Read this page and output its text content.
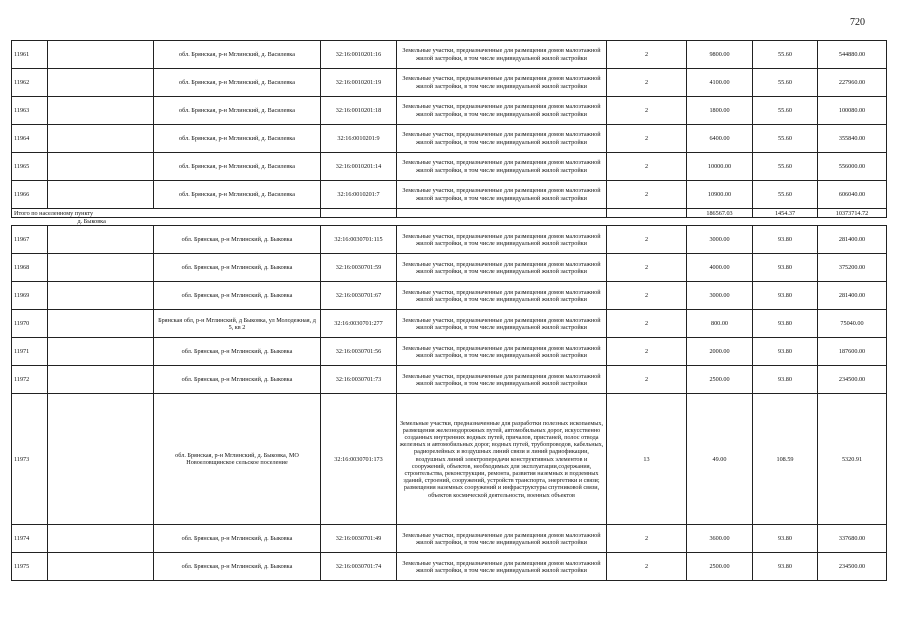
720
11961		обл. Брянская, р-н Мглинский, д. Василевка	32:16:0010201:16	Земельные участки, предназначенные для размещения домов малоэтажной жилой застройки, в том числе индивидуальной жилой застройки	2	9800.00	55.60	544880.00
11962		обл. Брянская, р-н Мглинский, д. Василевка	32:16:0010201:19	Земельные участки, предназначенные для размещения домов малоэтажной жилой застройки, в том числе индивидуальной жилой застройки	2	4100.00	55.60	227960.00
11963		обл. Брянская, р-н Мглинский, д. Василевка	32:16:0010201:18	Земельные участки, предназначенные для размещения домов малоэтажной жилой застройки, в том числе индивидуальной жилой застройки	2	1800.00	55.60	100080.00
11964		обл. Брянская, р-н Мглинский, д. Василевка	32:16:0010201:9	Земельные участки, предназначенные для размещения домов малоэтажной жилой застройки, в том числе индивидуальной жилой застройки	2	6400.00	55.60	355840.00
11965		обл. Брянская, р-н Мглинский, д. Василевка	32:16:0010201:14	Земельные участки, предназначенные для размещения домов малоэтажной жилой застройки, в том числе индивидуальной жилой застройки	2	10000.00	55.60	556000.00
11966		обл. Брянская, р-н Мглинский, д. Василевка	32:16:0010201:7	Земельные участки, предназначенные для размещения домов малоэтажной жилой застройки, в том числе индивидуальной жилой застройки	2	10900.00	55.60	606040.00
Итого по населенному пункту						186567.03	1454.37	10373714.72
д. Быковка								
11967		обл. Брянская, р-н Мглинский, д. Быковка	32:16:0030701:115	Земельные участки, предназначенные для размещения домов малоэтажной жилой застройки, в том числе индивидуальной жилой застройки	2	3000.00	93.80	281400.00
11968		обл. Брянская, р-н Мглинский, д. Быковка	32:16:0030701:59	Земельные участки, предназначенные для размещения домов малоэтажной жилой застройки, в том числе индивидуальной жилой застройки	2	4000.00	93.80	375200.00
11969		обл. Брянская, р-н Мглинский, д. Быковка	32:16:0030701:67	Земельные участки, предназначенные для размещения домов малоэтажной жилой застройки, в том числе индивидуальной жилой застройки	2	3000.00	93.80	281400.00
11970		Брянская обл, р-н Мглинский, д Быковка, ул Молодежная, д 5, кв 2	32:16:0030701:277	Земельные участки, предназначенные для размещения домов малоэтажной жилой застройки, в том числе индивидуальной жилой застройки	2	800.00	93.80	75040.00
11971		обл. Брянская, р-н Мглинский, д. Быковка	32:16:0030701:56	Земельные участки, предназначенные для размещения домов малоэтажной жилой застройки, в том числе индивидуальной жилой застройки	2	2000.00	93.80	187600.00
11972		обл. Брянская, р-н Мглинский, д. Быковка	32:16:0030701:73	Земельные участки, предназначенные для размещения домов малоэтажной жилой застройки, в том числе индивидуальной жилой застройки	2	2500.00	93.80	234500.00
11973		обл. Брянская, р-н Мглинский, д. Быковка, МО Новоеловщинское сельское поселение	32:16:0030701:173	Земельные участки, предназначенные для разработки полезных ископаемых, размещения железнодорожных путей, автомобильных дорог, искусственно созданных внутренних водных путей, причалов, пристаней, полос отвода железных и автомобильных дорог, водных путей, трубопроводов, кабельных, радиорелейных и воздушных линий связи и линий радиофикации, воздушных линий электропередачи конструктивных элементов и сооружений, объектов, необходимых для эксплуатации,содержания, строительства, реконструкции, ремонта, развития наземных и подземных зданий, строений, сооружений, устройств транспорта, энергетики и связи; размещения наземных сооружений и инфраструктуры спутниковой связи, объектов космической деятельности, военных объектов	13	49.00	108.59	5320.91
11974		обл. Брянская, р-н Мглинский, д. Быковка	32:16:0030701:49	Земельные участки, предназначенные для размещения домов малоэтажной жилой застройки, в том числе индивидуальной жилой застройки	2	3600.00	93.80	337680.00
11975		обл. Брянская, р-н Мглинский, д. Быковка	32:16:0030701:74	Земельные участки, предназначенные для размещения домов малоэтажной жилой застройки, в том числе индивидуальной жилой застройки	2	2500.00	93.80	234500.00
